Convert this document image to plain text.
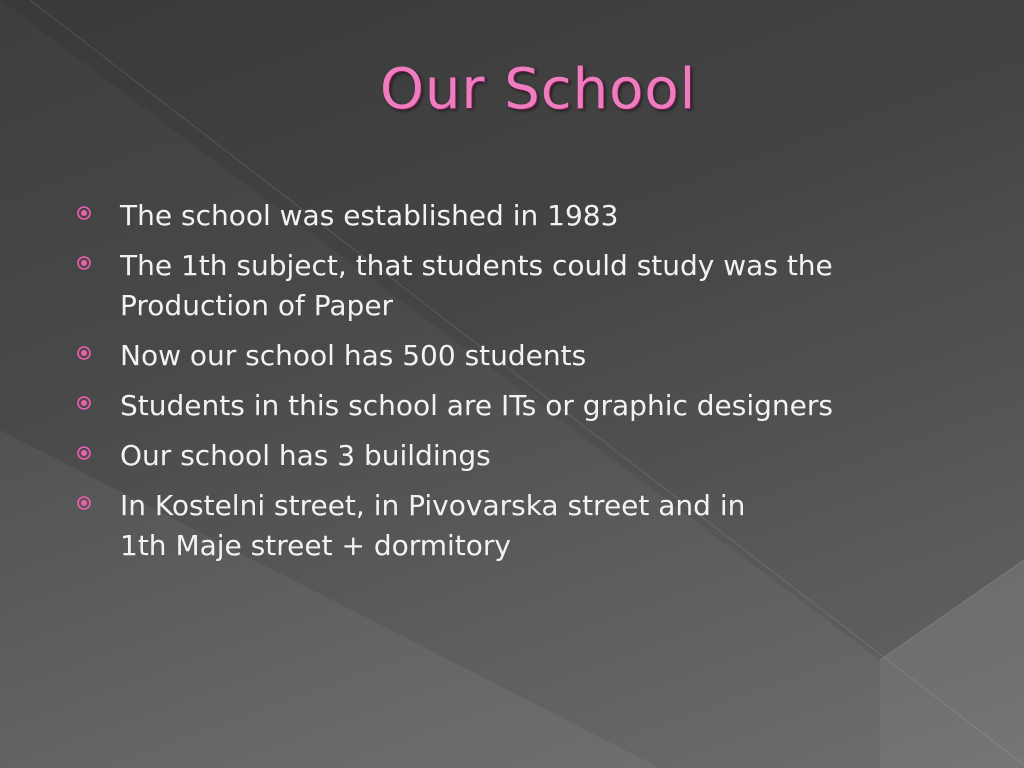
Our School
The school was established in 1983
The 1th subject, that students could study was the
Production of Paper
Now our school has 500 students
Students in this school are ITs or graphic designers
Our school has 3 buildings
In Kostelni street, in Pivovarska street and in
1th Maje street + dormitory
